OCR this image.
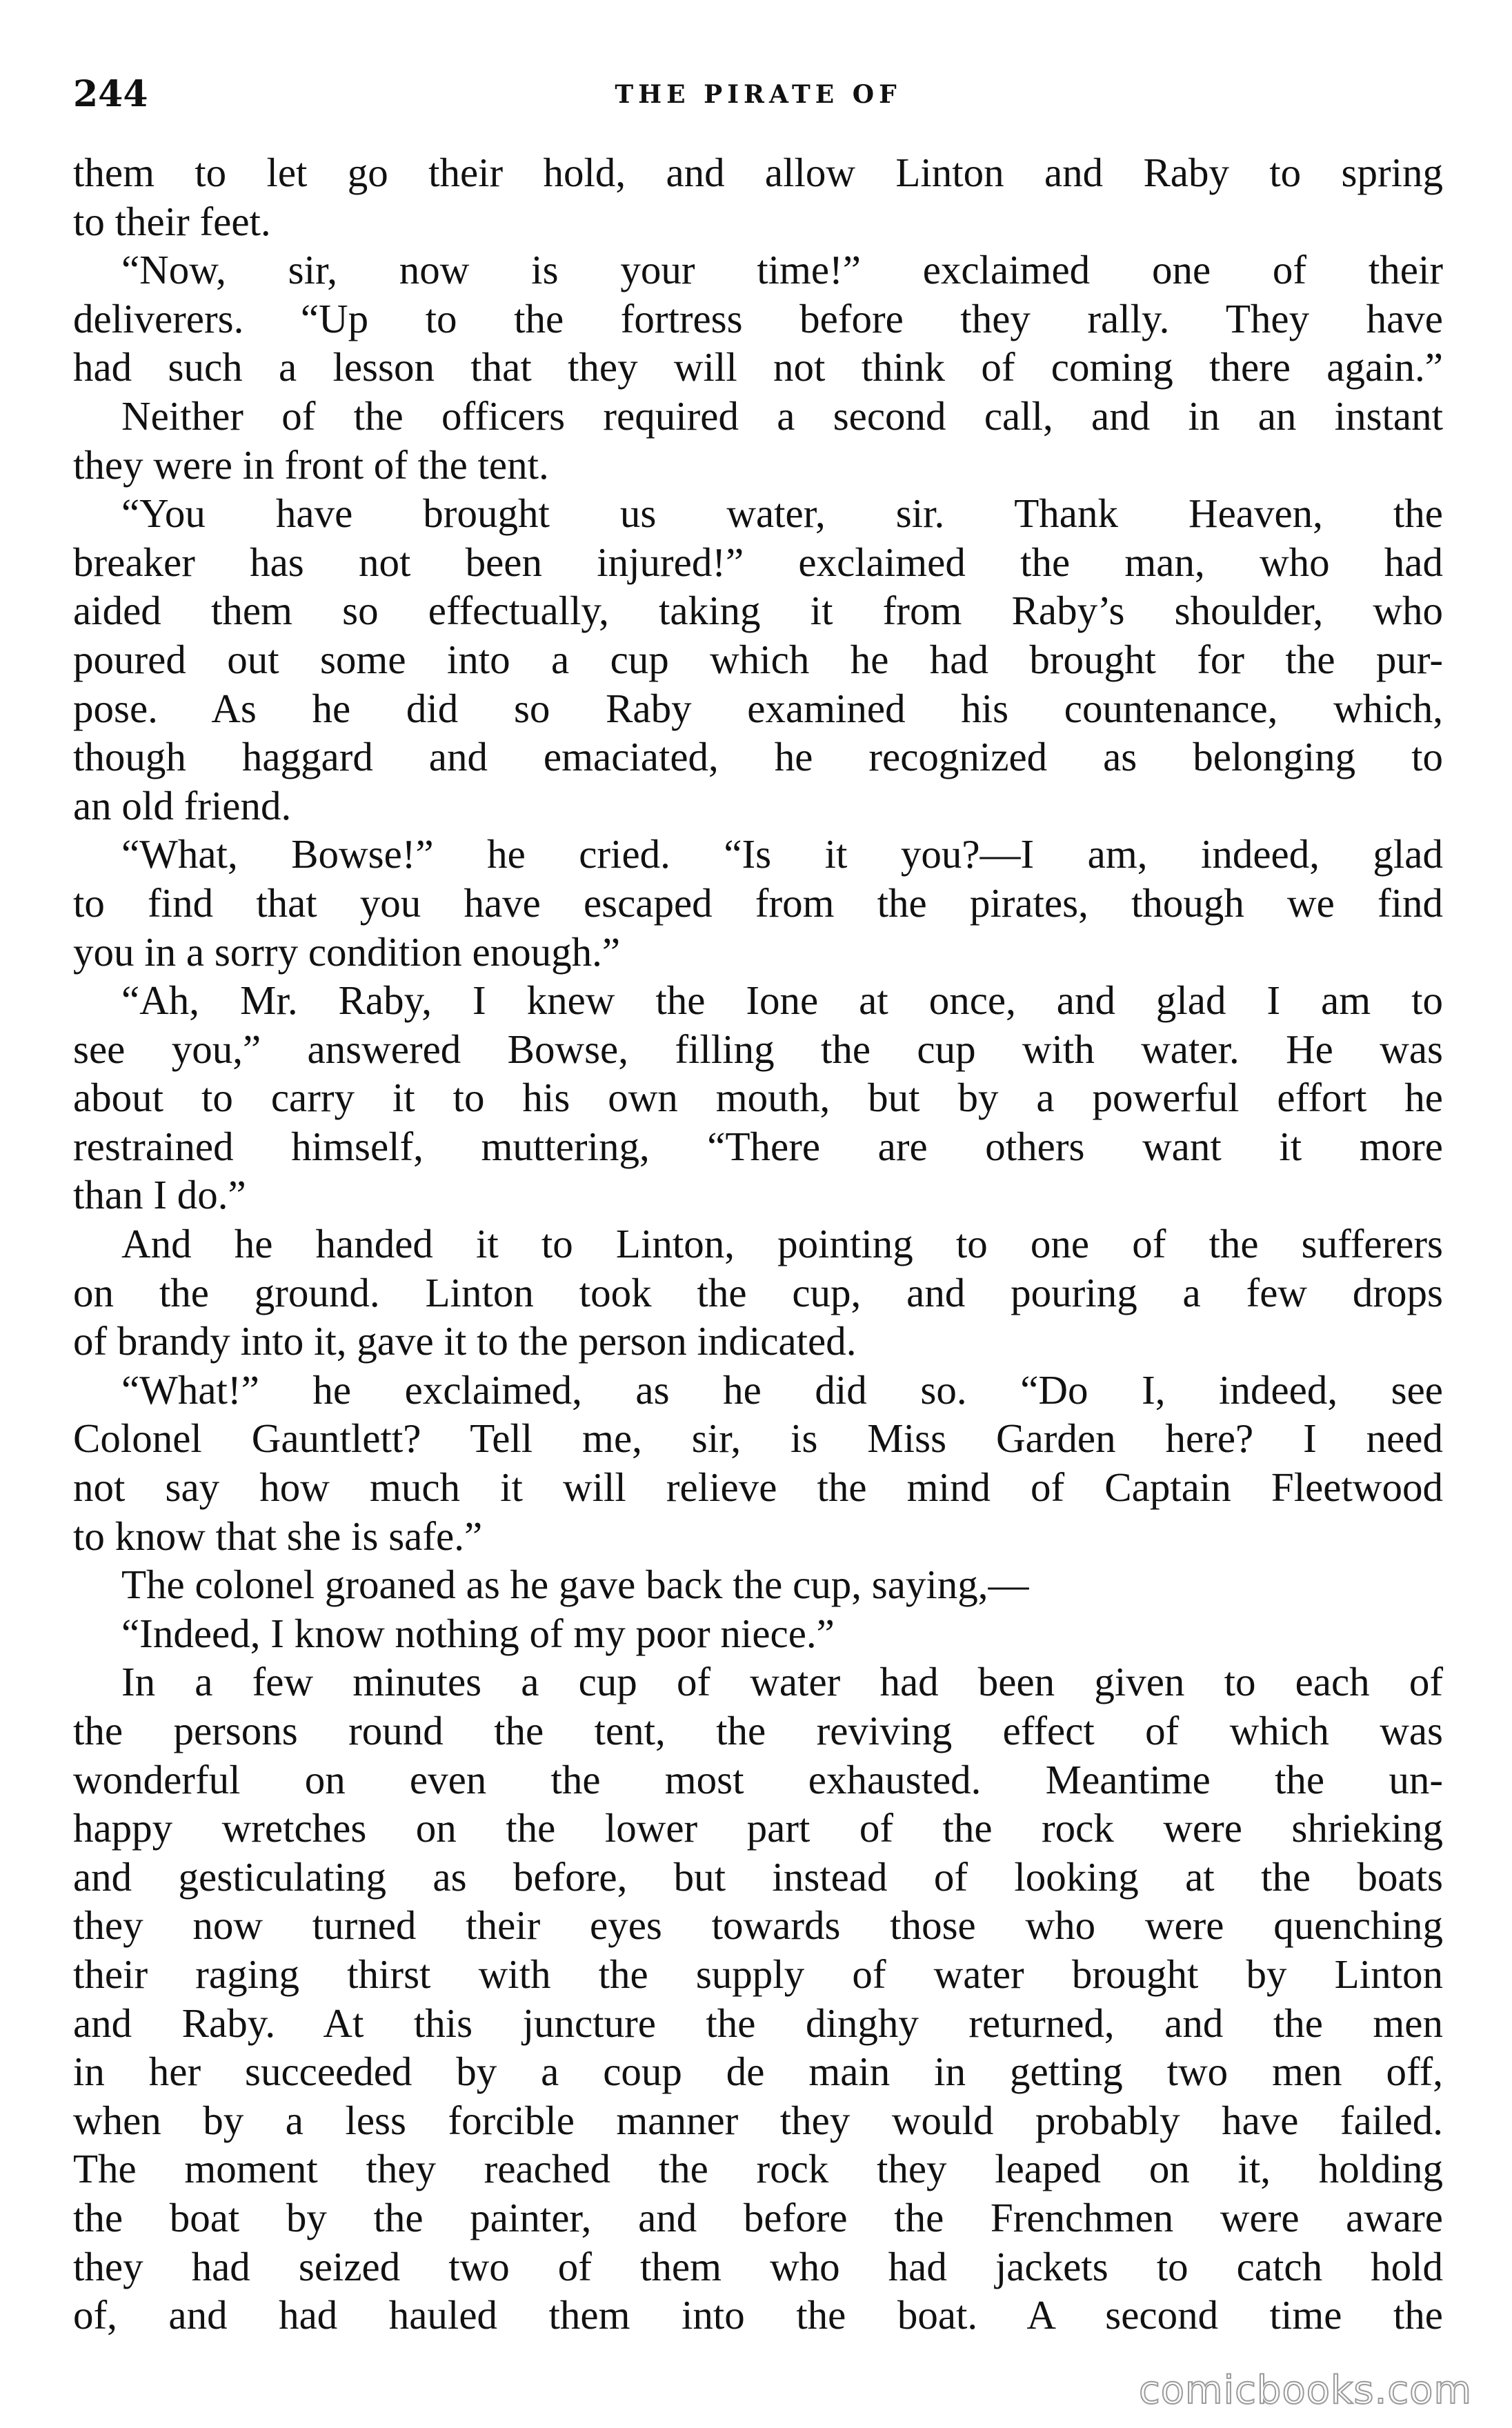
244	THE PIRATE OF
them to let go their hold, and allow Linton and Raby to spring
to their feet.
“Now, sir, now is your time!” exclaimed one of their
deliverers. “Up to the fortress before they rally. They have
had such a lesson that they will not think of coming there again.”
Neither of the officers required a second call, and in an instant
they were in front of the tent.
“You have brought us water, sir. Thank Heaven, the
breaker has not been injured!” exclaimed the man, who had
aided them so effectually, taking it from Raby’s shoulder, who
poured out some into a cup which he had brought for the pur-
pose. As he did so Raby examined his countenance, which,
though haggard and emaciated, he recognized as belonging to
an old friend.
“What, Bowse!” he cried. “Is it you?—I am, indeed, glad
to find that you have escaped from the pirates, though we find
you in a sorry condition enough.”
“Ah, Mr. Raby, I knew the Ione at once, and glad I am to
see you,” answered Bowse, filling the cup with water. He was
about to carry it to his own mouth, but by a powerful effort he
restrained himself, muttering, “There are others want it more
than I do.”
And he handed it to Linton, pointing to one of the sufferers
on the ground. Linton took the cup, and pouring a few drops
of brandy into it, gave it to the person indicated.
“What!” he exclaimed, as he did so. “Do I, indeed, see
Colonel Gauntlett? Tell me, sir, is Miss Garden here? I need
not say how much it will relieve the mind of Captain Fleetwood
to know that she is safe.”
The colonel groaned as he gave back the cup, saying,—
“Indeed, I know nothing of my poor niece.”
In a few minutes a cup of water had been given to each of
the persons round the tent, the reviving effect of which was
wonderful on even the most exhausted. Meantime the un-
happy wretches on the lower part of the rock were shrieking
and gesticulating as before, but instead of looking at the boats
they now turned their eyes towards those who were quenching
their raging thirst with the supply of water brought by Linton
and Raby. At this juncture the dinghy returned, and the men
in her succeeded by a coup de main in getting two men off,
when by a less forcible manner they would probably have failed.
The moment they reached the rock they leaped on it, holding
the boat by the painter, and before the Frenchmen were aware
they had seized two of them who had jackets to catch hold
of, and had hauled them into the boat. A second time the
comicbooks.com
